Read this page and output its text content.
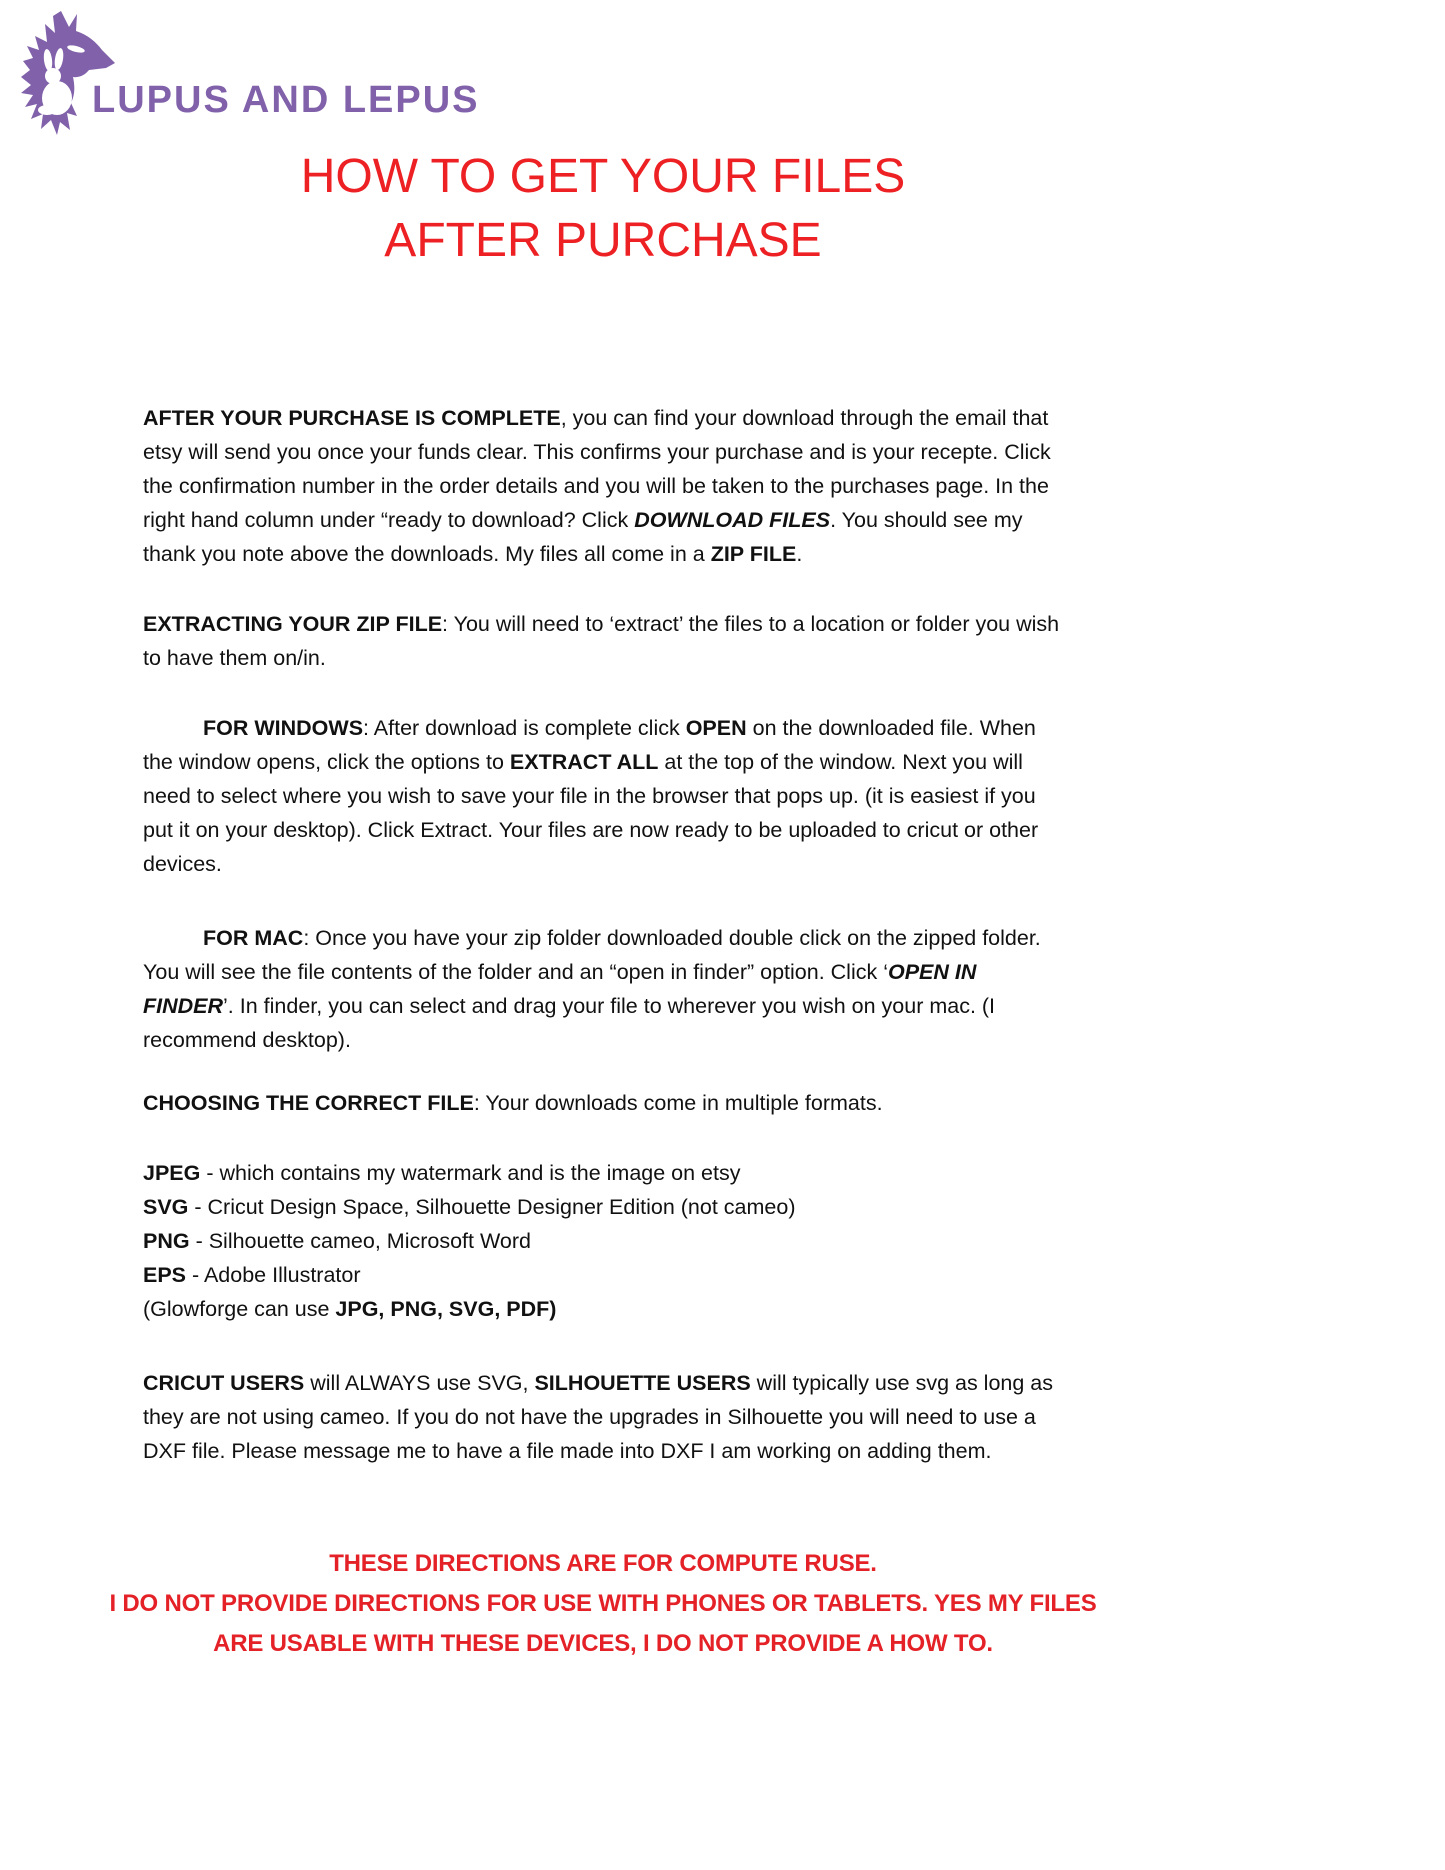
LUPUS AND LEPUS
HOW TO GET YOUR FILES
AFTER PURCHASE

AFTER YOUR PURCHASE IS COMPLETE, you can find your download through the email that etsy will send you once your funds clear. This confirms your purchase and is your recepte. Click the confirmation number in the order details and you will be taken to the purchases page. In the right hand column under “ready to download? Click DOWNLOAD FILES. You should see my thank you note above the downloads. My files all come in a ZIP FILE.

EXTRACTING YOUR ZIP FILE: You will need to ‘extract’ the files to a location or folder you wish to have them on/in.

FOR WINDOWS: After download is complete click OPEN on the downloaded file. When the window opens, click the options to EXTRACT ALL at the top of the window. Next you will need to select where you wish to save your file in the browser that pops up. (it is easiest if you put it on your desktop). Click Extract. Your files are now ready to be uploaded to cricut or other devices.

FOR MAC: Once you have your zip folder downloaded double click on the zipped folder. You will see the file contents of the folder and an “open in finder” option. Click ‘OPEN IN FINDER’. In finder, you can select and drag your file to wherever you wish on your mac. (I recommend desktop).

CHOOSING THE CORRECT FILE: Your downloads come in multiple formats.

JPEG - which contains my watermark and is the image on etsy
SVG - Cricut Design Space, Silhouette Designer Edition (not cameo)
PNG - Silhouette cameo, Microsoft Word
EPS - Adobe Illustrator
(Glowforge can use JPG, PNG, SVG, PDF)

CRICUT USERS will ALWAYS use SVG, SILHOUETTE USERS will typically use svg as long as they are not using cameo. If you do not have the upgrades in Silhouette you will need to use a DXF file. Please message me to have a file made into DXF I am working on adding them.

THESE DIRECTIONS ARE FOR COMPUTE RUSE.
I DO NOT PROVIDE DIRECTIONS FOR USE WITH PHONES OR TABLETS. YES MY FILES
ARE USABLE WITH THESE DEVICES, I DO NOT PROVIDE A HOW TO.
